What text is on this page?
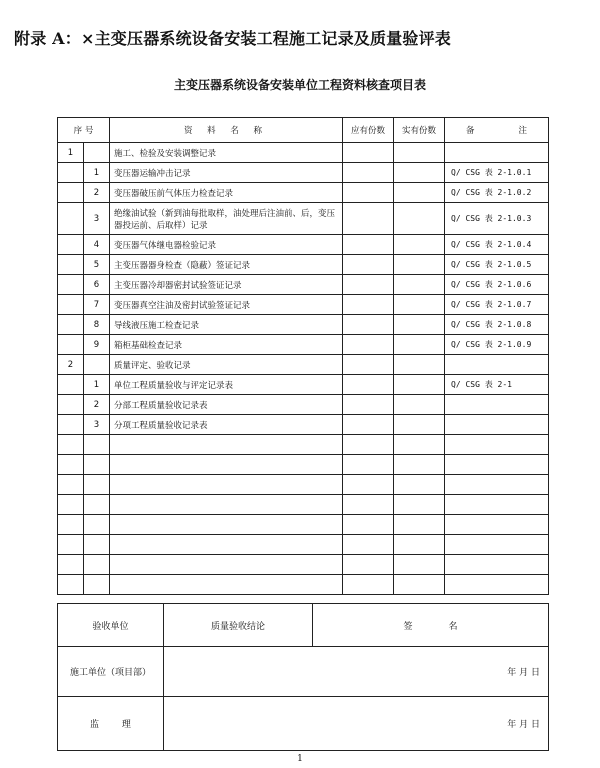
附录 A：×主变压器系统设备安装工程施工记录及质量验评表
主变压器系统设备安装单位工程资料核查项目表
序 号		资 料 名 称	应有份数	实有份数	备 注
1		施工、检验及安装调整记录			
	1	变压器运输冲击记录			Q/ CSG 表 2-1.0.1
	2	变压器破压前气体压力检查记录			Q/ CSG 表 2-1.0.2
	3	绝缘油试验（新到油每批取样，油处理后注油前、后，变压器投运前、后取样）记录			Q/ CSG 表 2-1.0.3
	4	变压器气体继电器检验记录			Q/ CSG 表 2-1.0.4
	5	主变压器器身检查（隐蔽）签证记录			Q/ CSG 表 2-1.0.5
	6	主变压器冷却器密封试验签证记录			Q/ CSG 表 2-1.0.6
	7	变压器真空注油及密封试验签证记录			Q/ CSG 表 2-1.0.7
	8	导线液压施工检查记录			Q/ CSG 表 2-1.0.8
	9	箱柜基础检查记录			Q/ CSG 表 2-1.0.9
2		质量评定、验收记录			
	1	单位工程质量验收与评定记录表			Q/ CSG 表 2-1
	2	分部工程质量验收记录表			
	3	分项工程质量验收记录表			

验收单位	质量验收结论	签 名
施工单位（项目部）	年 月 日	
监        理	年 月 日	
1
